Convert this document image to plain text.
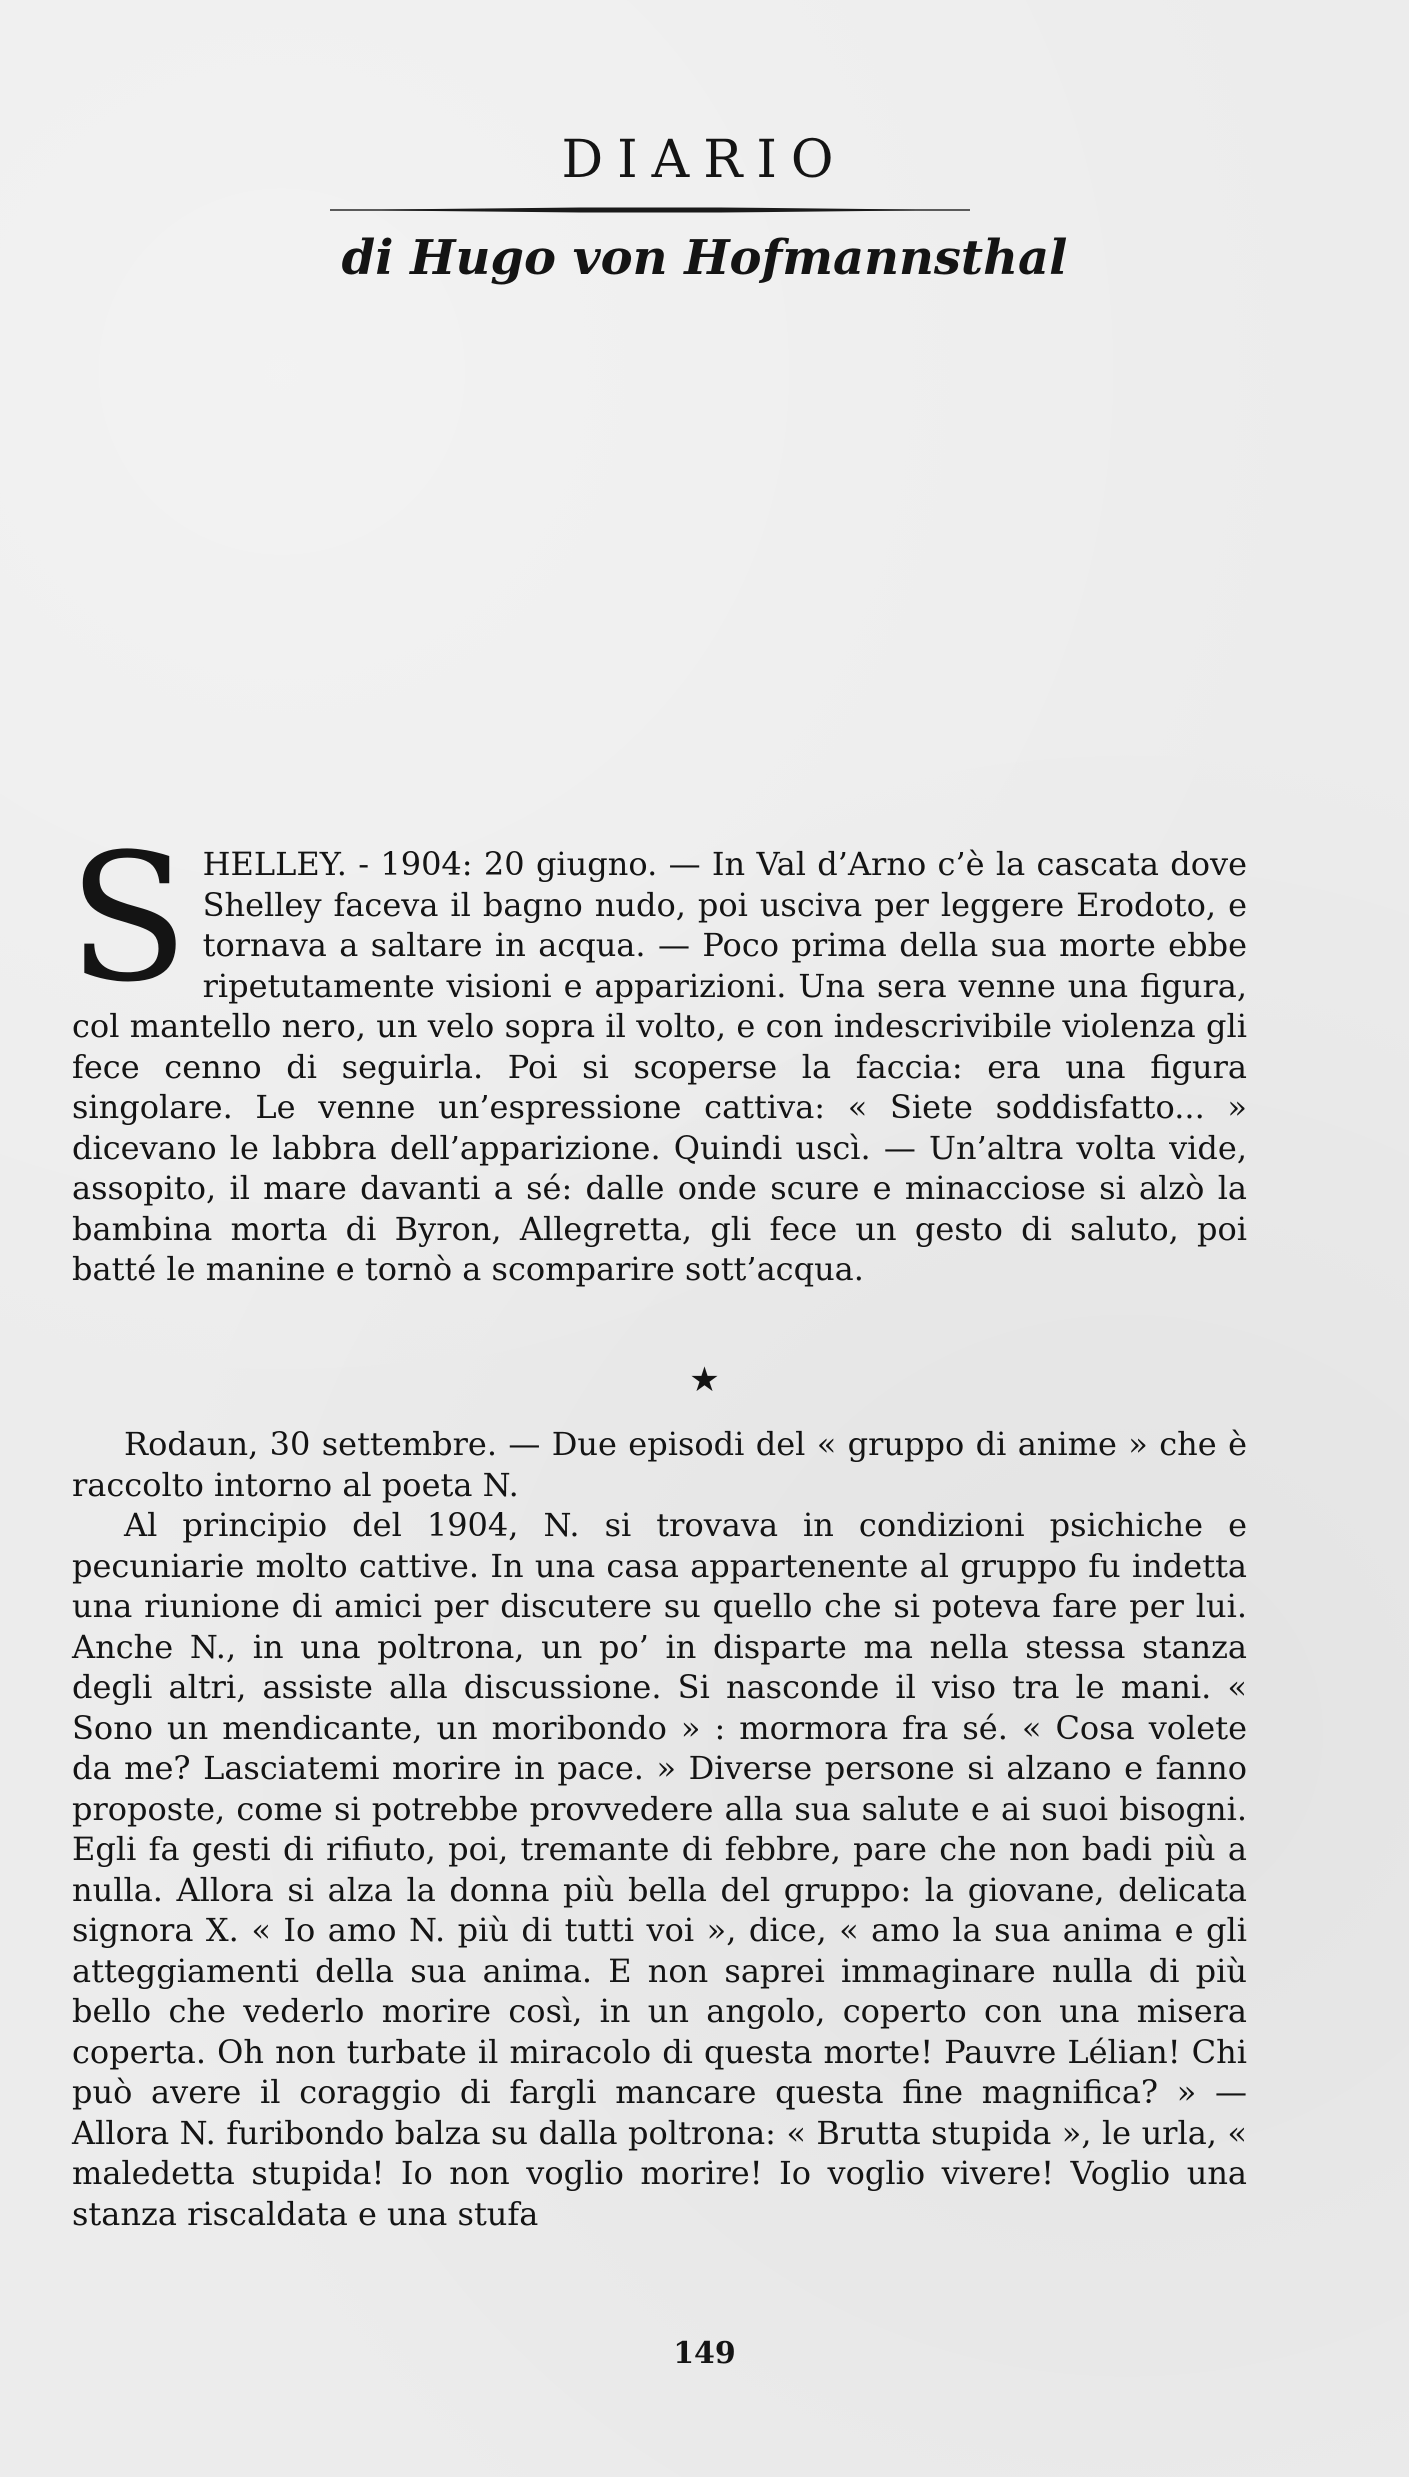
DIARIO
di Hugo von Hofmannsthal
S HELLEY. - 1904: 20 giugno. — In Val d’Arno c’è la cascata dove Shelley faceva il bagno nudo, poi usciva per leggere Erodoto, e tornava a saltare in acqua. — Poco prima della sua morte ebbe ripetutamente visioni e apparizioni. Una sera venne una figura, col mantello nero, un velo sopra il volto, e con indescrivibile violenza gli fece cenno di seguirla. Poi si scoperse la faccia: era una figura singolare. Le venne un’espressione cattiva: « Siete soddisfatto... » dicevano le labbra dell’apparizione. Quindi uscì. — Un’altra volta vide, assopito, il mare davanti a sé: dalle onde scure e minacciose si alzò la bambina morta di Byron, Allegretta, gli fece un gesto di saluto, poi batté le manine e tornò a scomparire sott’acqua.

★

Rodaun, 30 settembre. — Due episodi del « gruppo di anime » che è raccolto intorno al poeta N.

Al principio del 1904, N. si trovava in condizioni psichiche e pecuniarie molto cattive. In una casa appartenente al gruppo fu indetta una riunione di amici per discutere su quello che si poteva fare per lui. Anche N., in una poltrona, un po’ in disparte ma nella stessa stanza degli altri, assiste alla discussione. Si nasconde il viso tra le mani. « Sono un mendicante, un moribondo » : mormora fra sé. « Cosa volete da me? Lasciatemi morire in pace. » Diverse persone si alzano e fanno proposte, come si potrebbe provvedere alla sua salute e ai suoi bisogni. Egli fa gesti di rifiuto, poi, tremante di febbre, pare che non badi più a nulla. Allora si alza la donna più bella del gruppo: la giovane, delicata signora X. « Io amo N. più di tutti voi », dice, « amo la sua anima e gli atteggiamenti della sua anima. E non saprei immaginare nulla di più bello che vederlo morire così, in un angolo, coperto con una misera coperta. Oh non turbate il miracolo di questa morte! Pauvre Lélian! Chi può avere il coraggio di fargli mancare questa fine magnifica? » — Allora N. furibondo balza su dalla poltrona: « Brutta stupida », le urla, « maledetta stupida! Io non voglio morire! Io voglio vivere! Voglio una stanza riscaldata e una stufa

149
